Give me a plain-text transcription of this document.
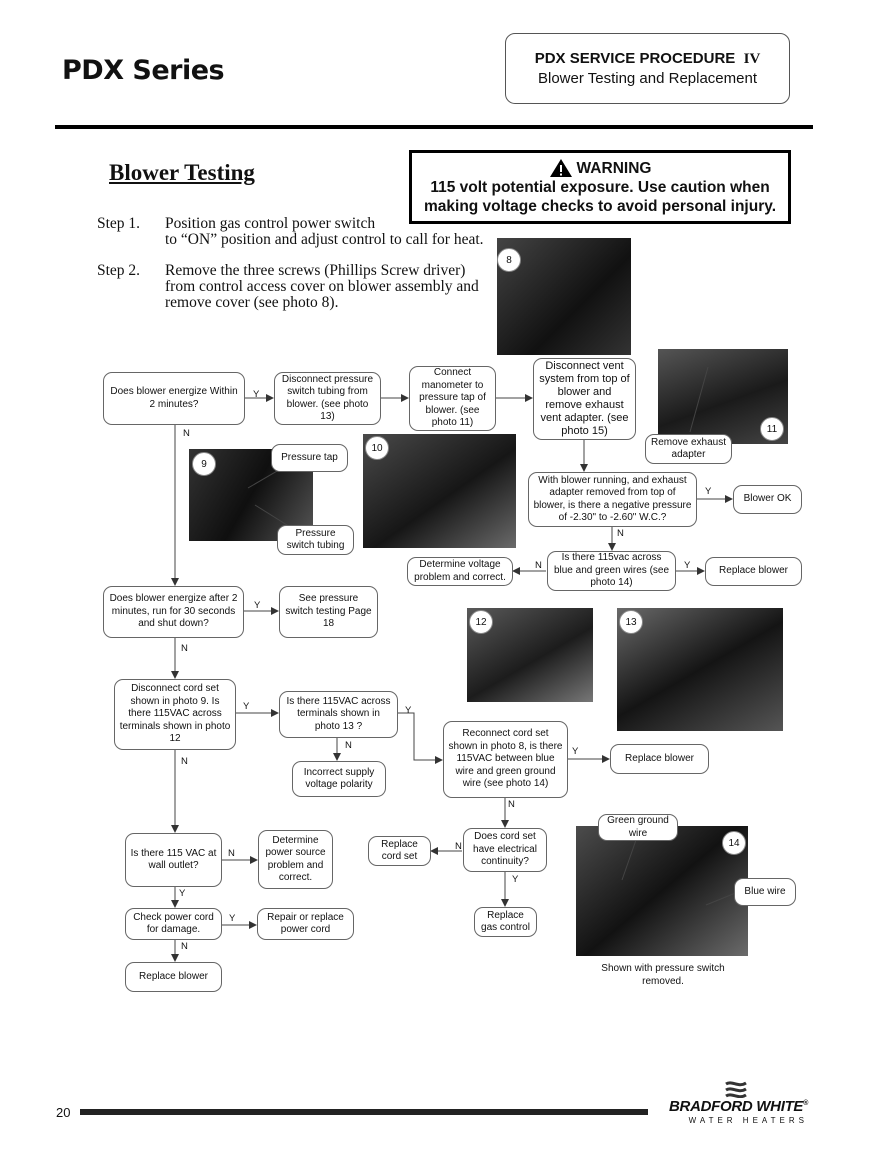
PDX Series	PDX SERVICE PROCEDURE IV
Blower Testing and Replacement
Blower Testing	WARNING
115 volt potential exposure. Use caution when
making voltage checks to avoid personal injury.
Step 1. Position gas control power switch
to “ON” position and adjust control to call for heat.
Step 2. Remove the three screws (Phillips Screw driver)
from control access cover on blower assembly and
remove cover (see photo 8).
8
11
9
10
12	13
14
Does blower energize Within 2 minutes?
Disconnect pressure switch tubing from blower. (see photo 13)
Connect manometer to pressure tap of blower. (see photo 11)
Disconnect vent system from top of blower and remove exhaust vent adapter. (see photo 15)
Remove exhaust adapter
With blower running, and exhaust adapter removed from top of blower, is there a negative pressure of -2.30" to -2.60" W.C.?
Blower OK
Is there 115vac across blue and green wires (see photo 14)
Determine voltage problem and correct.
Replace blower
Pressure tap
Pressure switch tubing
Does blower energize after 2 minutes, run for 30 seconds and shut down?
See pressure switch testing Page 18
Disconnect cord set shown in photo 9. Is there 115VAC across terminals shown in photo 12
Is there 115VAC across terminals shown in photo 13 ?
Incorrect supply voltage polarity
Reconnect cord set shown in photo 8, is there 115VAC between blue wire and green ground wire (see photo 14)
Replace blower
Is there 115 VAC at wall outlet?
Determine power source problem and correct.
Replace cord set
Does cord set have electrical continuity?
Check power cord for damage.
Repair or replace power cord
Replace gas control
Replace blower
Green ground wire
Blue wire
Shown with pressure switch removed.
Y
N
Y
N
N	Y
Y
N
Y	Y
N
N
Y
N
N
N
Y
Y
Y
N
20	BRADFORD WHITE®
WATER HEATERS
